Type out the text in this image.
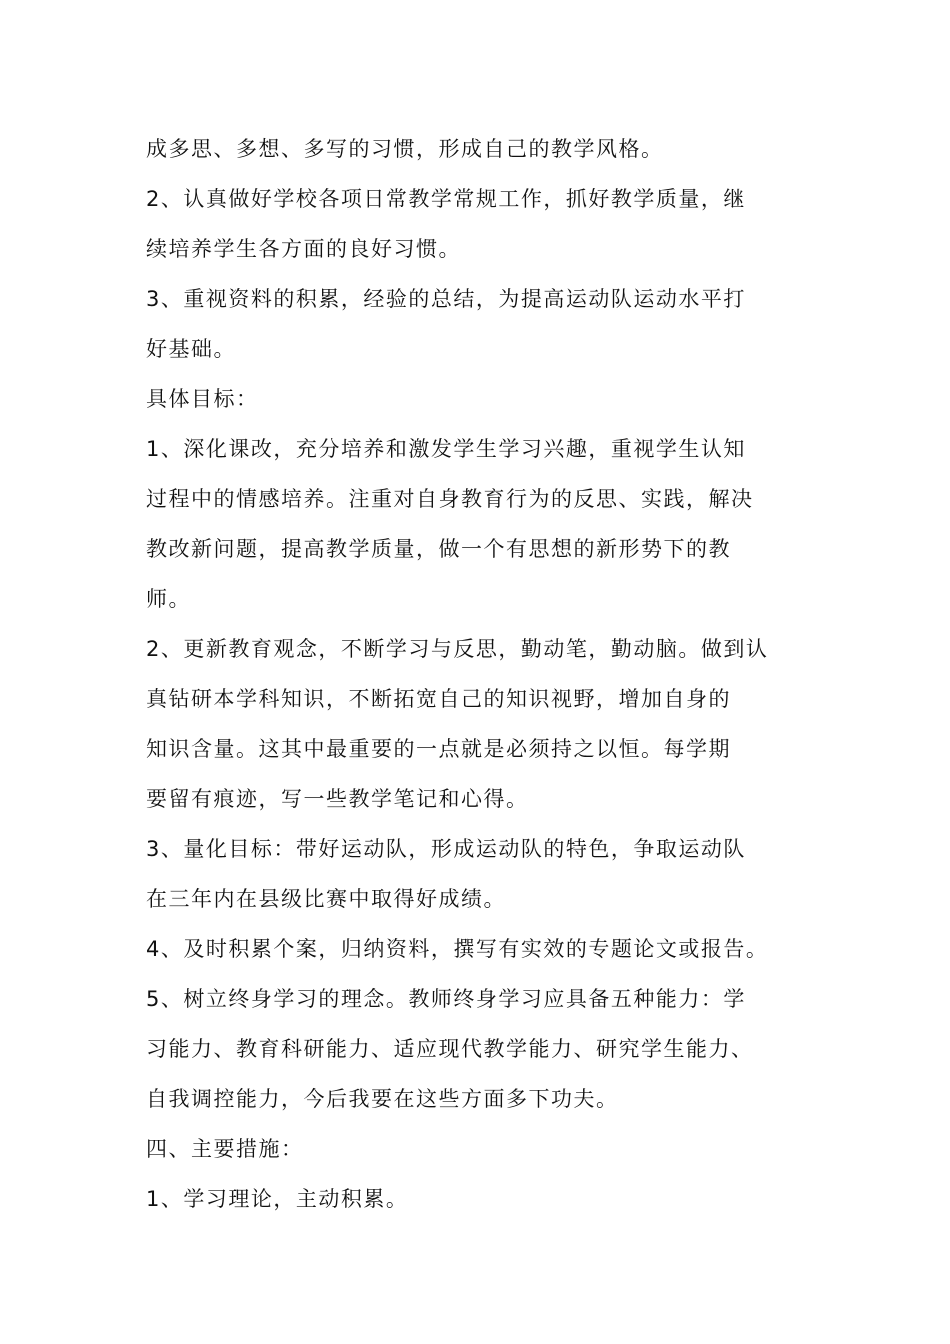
成多思、多想、多写的习惯，形成自己的教学风格。
2、认真做好学校各项日常教学常规工作，抓好教学质量，继
续培养学生各方面的良好习惯。
3、重视资料的积累，经验的总结，为提高运动队运动水平打
好基础。
具体目标：
1、深化课改，充分培养和激发学生学习兴趣，重视学生认知
过程中的情感培养。注重对自身教育行为的反思、实践，解决
教改新问题，提高教学质量，做一个有思想的新形势下的教
师。
2、更新教育观念，不断学习与反思，勤动笔，勤动脑。做到认
真钻研本学科知识，不断拓宽自己的知识视野，增加自身的
知识含量。这其中最重要的一点就是必须持之以恒。每学期
要留有痕迹，写一些教学笔记和心得。
3、量化目标：带好运动队，形成运动队的特色，争取运动队
在三年内在县级比赛中取得好成绩。
4、及时积累个案，归纳资料，撰写有实效的专题论文或报告。
5、树立终身学习的理念。教师终身学习应具备五种能力：学
习能力、教育科研能力、适应现代教学能力、研究学生能力、
自我调控能力，今后我要在这些方面多下功夫。
四、主要措施：
1、学习理论，主动积累。
